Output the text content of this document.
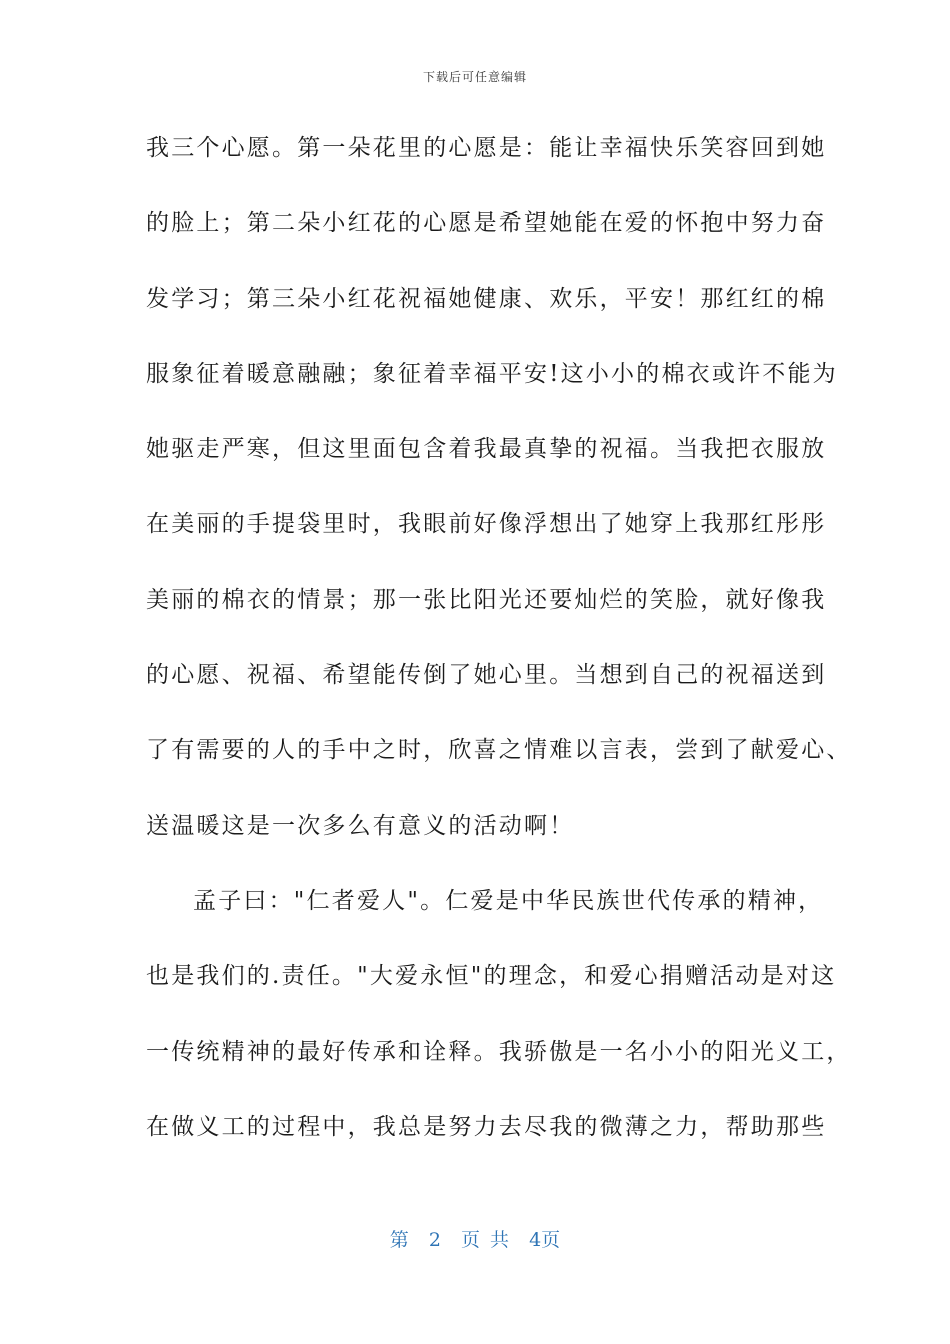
下载后可任意编辑
我三个心愿。第一朵花里的心愿是：能让幸福快乐笑容回到她
的脸上；第二朵小红花的心愿是希望她能在爱的怀抱中努力奋
发学习；第三朵小红花祝福她健康、欢乐，平安！那红红的棉
服象征着暖意融融；象征着幸福平安!这小小的棉衣或许不能为
她驱走严寒，但这里面包含着我最真挚的祝福。当我把衣服放
在美丽的手提袋里时，我眼前好像浮想出了她穿上我那红彤彤
美丽的棉衣的情景；那一张比阳光还要灿烂的笑脸，就好像我
的心愿、祝福、希望能传倒了她心里。当想到自己的祝福送到
了有需要的人的手中之时，欣喜之情难以言表，尝到了献爱心、
送温暖这是一次多么有意义的活动啊！
孟子曰："仁者爱人"。仁爱是中华民族世代传承的精神，
也是我们的.责任。"大爱永恒"的理念，和爱心捐赠活动是对这
一传统精神的最好传承和诠释。我骄傲是一名小小的阳光义工，
在做义工的过程中，我总是努力去尽我的微薄之力，帮助那些
第 2 页 共 4页
